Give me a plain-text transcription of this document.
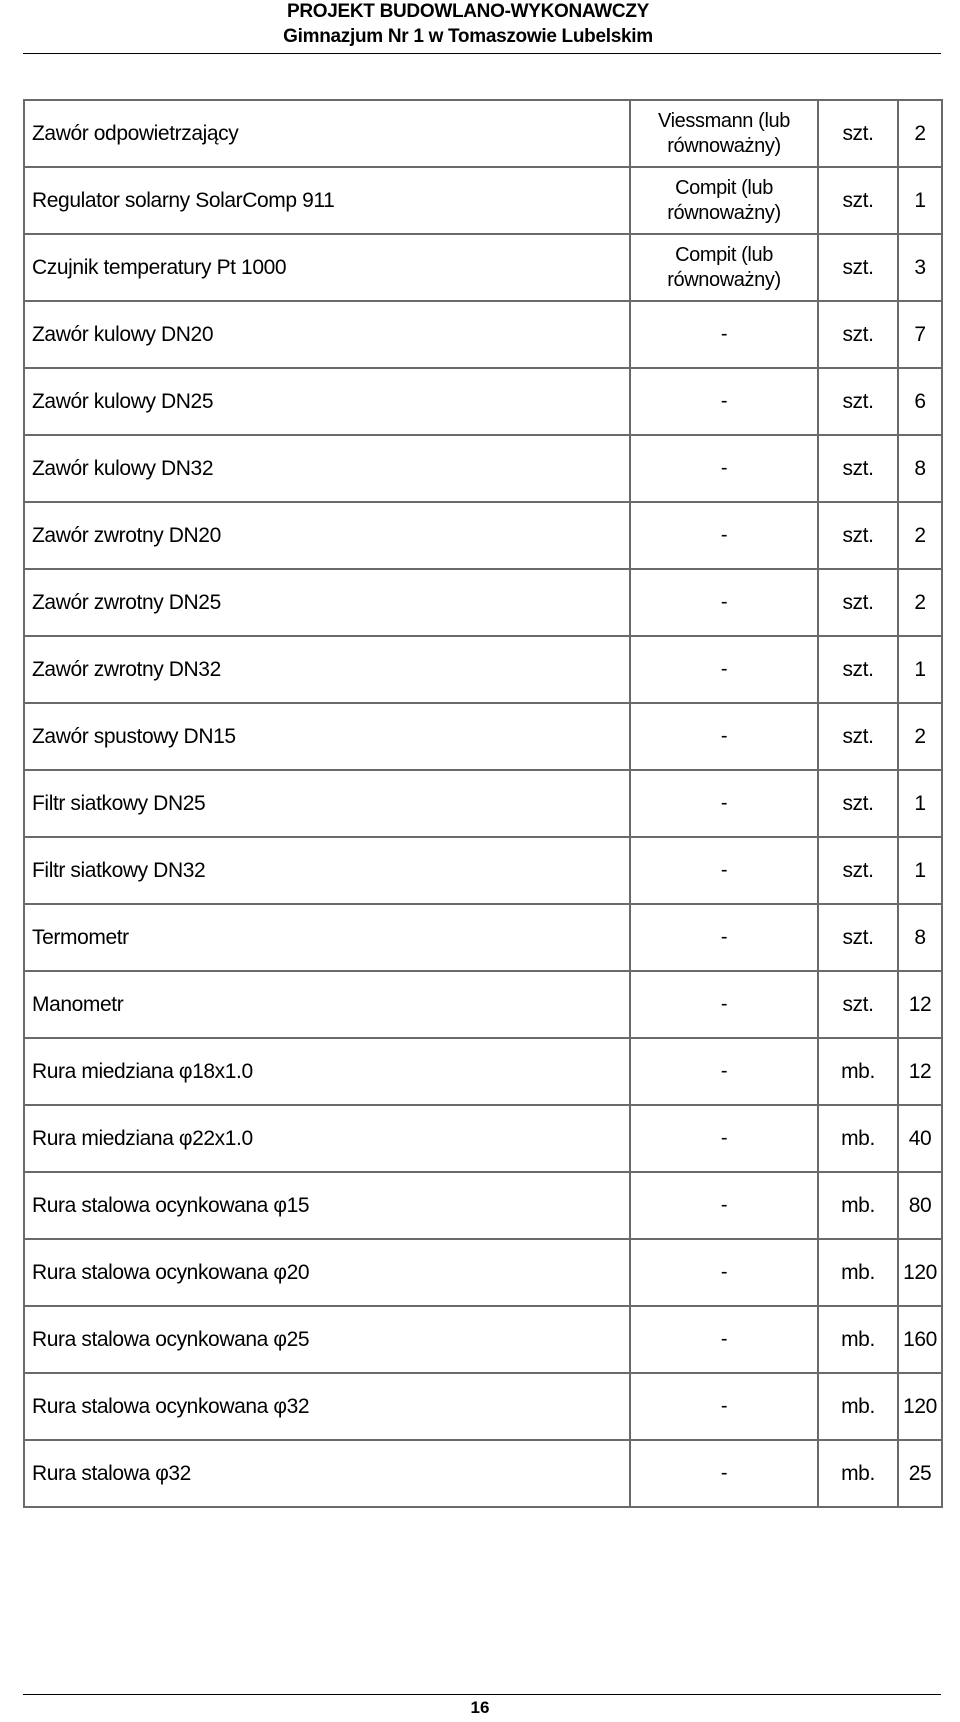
PROJEKT BUDOWLANO-WYKONAWCZY
Gimnazjum Nr 1 w Tomaszowie Lubelskim
Zawór odpowietrzający	Viessmann (lub równoważny)	szt.	2
Regulator solarny SolarComp 911	Compit (lub równoważny)	szt.	1
Czujnik temperatury Pt 1000	Compit (lub równoważny)	szt.	3
Zawór kulowy DN20	-	szt.	7
Zawór kulowy DN25	-	szt.	6
Zawór kulowy DN32	-	szt.	8
Zawór zwrotny DN20	-	szt.	2
Zawór zwrotny DN25	-	szt.	2
Zawór zwrotny DN32	-	szt.	1
Zawór spustowy DN15	-	szt.	2
Filtr siatkowy DN25	-	szt.	1
Filtr siatkowy DN32	-	szt.	1
Termometr	-	szt.	8
Manometr	-	szt.	12
Rura miedziana φ18x1.0	-	mb.	12
Rura miedziana φ22x1.0	-	mb.	40
Rura stalowa ocynkowana φ15	-	mb.	80
Rura stalowa ocynkowana φ20	-	mb.	120
Rura stalowa ocynkowana φ25	-	mb.	160
Rura stalowa ocynkowana φ32	-	mb.	120
Rura stalowa φ32	-	mb.	25
16
